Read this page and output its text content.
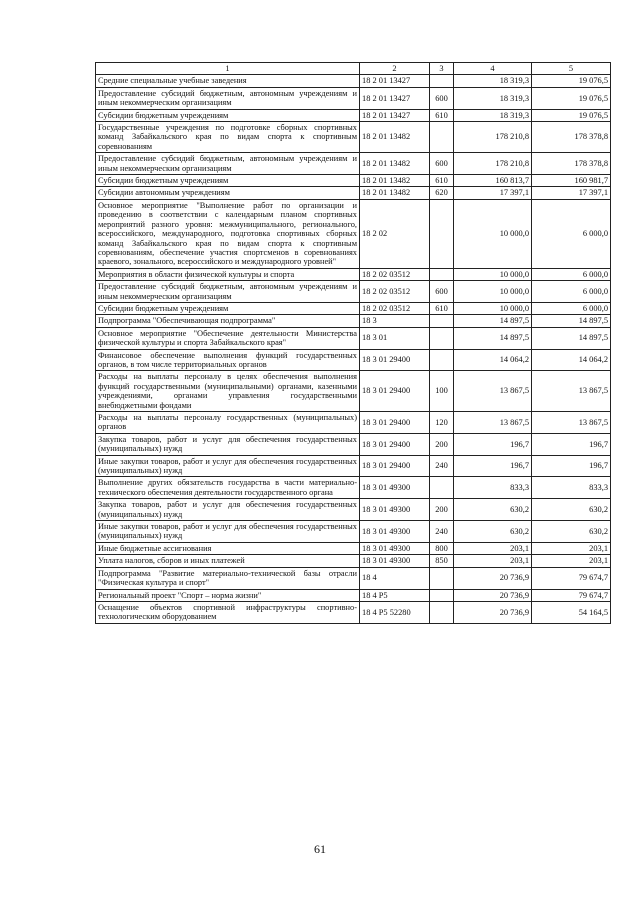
1	2	3	4	5
Средние специальные учебные заведения	18 2 01 13427		18 319,3	19 076,5
Предоставление субсидий бюджетным, автономным учреждениям и иным некоммерческим организациям	18 2 01 13427	600	18 319,3	19 076,5
Субсидии бюджетным учреждениям	18 2 01 13427	610	18 319,3	19 076,5
Государственные учреждения по подготовке сборных спортивных команд Забайкальского края по видам спорта к спортивным соревнованиям	18 2 01 13482		178 210,8	178 378,8
Предоставление субсидий бюджетным, автономным учреждениям и иным некоммерческим организациям	18 2 01 13482	600	178 210,8	178 378,8
Субсидии бюджетным учреждениям	18 2 01 13482	610	160 813,7	160 981,7
Субсидии автономным учреждениям	18 2 01 13482	620	17 397,1	17 397,1
Основное мероприятие "Выполнение работ по организации и проведению в соответствии с календарным планом спортивных мероприятий разного уровня: межмуниципального, регионального, всероссийского, международного, подготовка спортивных сборных команд Забайкальского края по видам спорта к спортивным соревнованиям, обеспечение участия спортсменов в соревнованиях краевого, зонального, всероссийского и международного уровней"	18 2 02		10 000,0	6 000,0
Мероприятия в области физической культуры и спорта	18 2 02 03512		10 000,0	6 000,0
Предоставление субсидий бюджетным, автономным учреждениям и иным некоммерческим организациям	18 2 02 03512	600	10 000,0	6 000,0
Субсидии бюджетным учреждениям	18 2 02 03512	610	10 000,0	6 000,0
Подпрограмма "Обеспечивающая подпрограмма"	18 3		14 897,5	14 897,5
Основное мероприятие "Обеспечение деятельности Министерства физической культуры и спорта Забайкальского края"	18 3 01		14 897,5	14 897,5
Финансовое обеспечение выполнения функций государственных органов, в том числе территориальных органов	18 3 01 29400		14 064,2	14 064,2
Расходы на выплаты персоналу в целях обеспечения выполнения функций государственными (муниципальными) органами, казенными учреждениями, органами управления государственными внебюджетными фондами	18 3 01 29400	100	13 867,5	13 867,5
Расходы на выплаты персоналу государственных (муниципальных) органов	18 3 01 29400	120	13 867,5	13 867,5
Закупка товаров, работ и услуг для обеспечения государственных (муниципальных) нужд	18 3 01 29400	200	196,7	196,7
Иные закупки товаров, работ и услуг для обеспечения государственных (муниципальных) нужд	18 3 01 29400	240	196,7	196,7
Выполнение других обязательств государства в части материально-технического обеспечения деятельности государственного органа	18 3 01 49300		833,3	833,3
Закупка товаров, работ и услуг для обеспечения государственных (муниципальных) нужд	18 3 01 49300	200	630,2	630,2
Иные закупки товаров, работ и услуг для обеспечения государственных (муниципальных) нужд	18 3 01 49300	240	630,2	630,2
Иные бюджетные ассигнования	18 3 01 49300	800	203,1	203,1
Уплата налогов, сборов и иных платежей	18 3 01 49300	850	203,1	203,1
Подпрограмма "Развитие материально-технической базы отрасли "Физическая культура и спорт"	18 4		20 736,9	79 674,7
Региональный проект "Спорт – норма жизни"	18 4 P5		20 736,9	79 674,7
Оснащение объектов спортивной инфраструктуры спортивно-технологическим оборудованием	18 4 P5 52280		20 736,9	54 164,5
61
